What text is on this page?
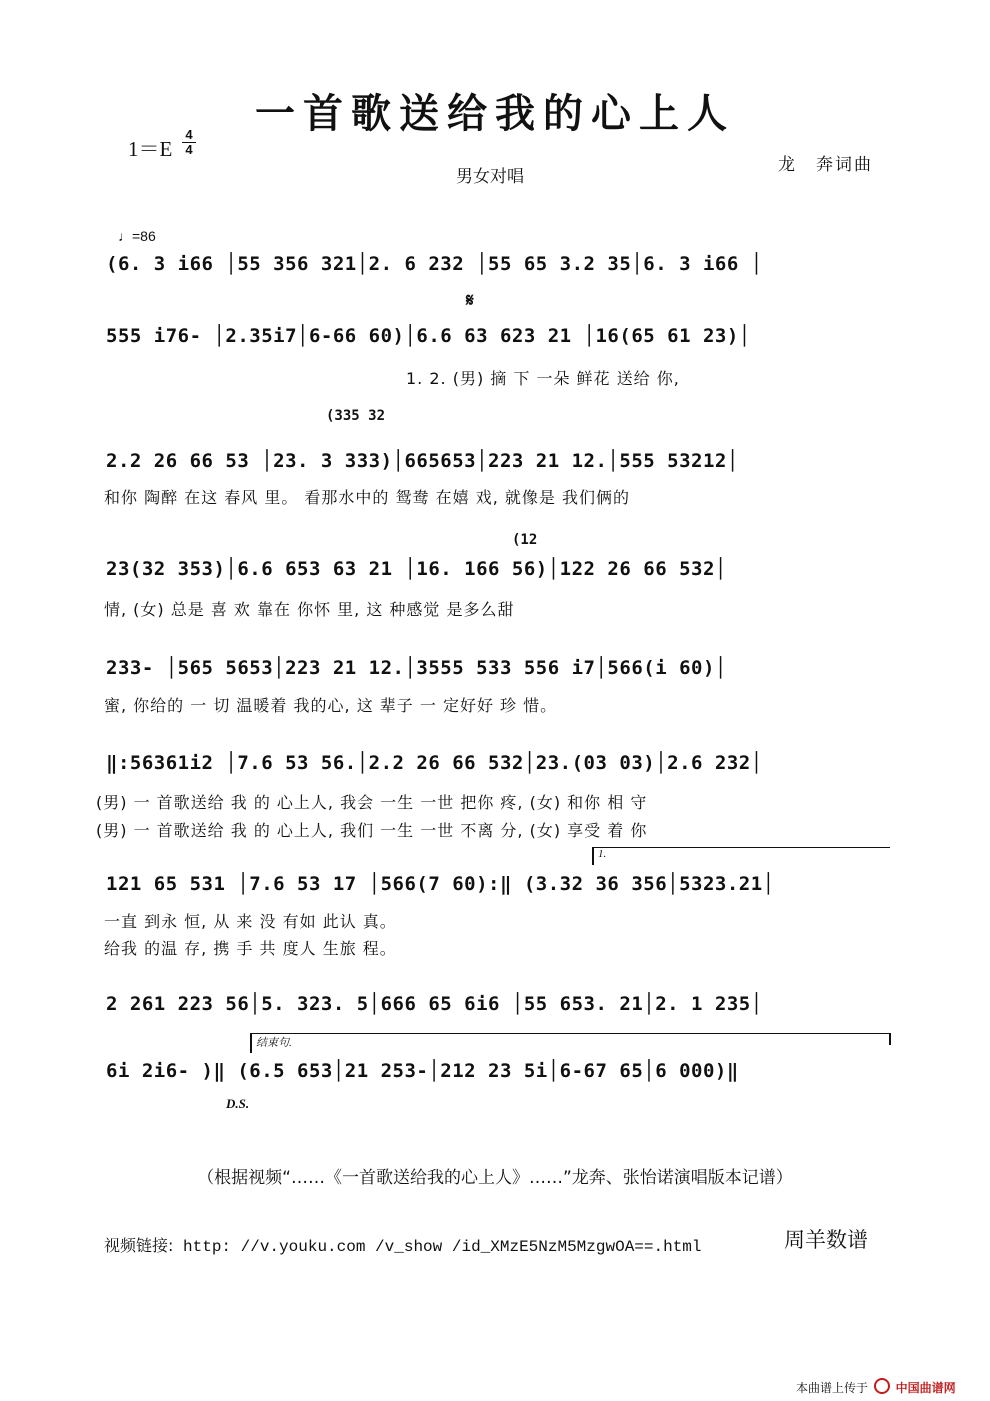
一首歌送给我的心上人
1＝E
4
4
男女对唱
龙　奔词曲
♩=86
𝄋
(335 32
(12
(6. 3 i66 │55 356 321│2. 6 232 │55 65 3.2 35│6. 3 i66 │
555 i76- │2.35i7│6-66 60)│6.6 63 623 21 │16(65 61 23)│
1. 2. (男) 摘 下 一朵 鲜花 送给 你,
2.2 26 66 53 │23. 3 333)│665653│223 21 12.│555 53212│
和你 陶醉 在这 春风 里。 看那水中的 鸳鸯 在嬉 戏, 就像是 我们俩的
23(32 353)│6.6 653 63 21 │16. 166 56)│122 26 66 532│
情, (女) 总是 喜 欢 靠在 你怀 里, 这 种感觉 是多么甜
233- │565 5653│223 21 12.│3555 533 556 i7│566(i 60)│
蜜, 你给的 一 切 温暖着 我的心, 这 辈子 一 定好好 珍 惜。
‖:56361i2 │7.6 53 56.│2.2 26 66 532│23.(03 03)│2.6 232│
(男) 一 首歌送给 我 的 心上人, 我会 一生 一世 把你 疼, (女) 和你 相 守
(男) 一 首歌送给 我 的 心上人, 我们 一生 一世 不离 分, (女) 享受 着 你
1.
121 65 531 │7.6 53 17 │566(7 60):‖ (3.32 36 356│5323.21│
一直 到永 恒, 从 来 没 有如 此认 真。
给我 的温 存, 携 手 共 度人 生旅 程。
2 261 223 56│5. 323. 5│666 65 6i6 │55 653. 21│2. 1 235│
结束句.
6i 2i6- )‖ (6.5 653│21 253-│212 23 5i│6-67 65│6 000)‖
D.S.
（根据视频“……《一首歌送给我的心上人》……”龙奔、张怡诺演唱版本记谱）
视频链接: http: //v.youku.com /v_show /id_XMzE5NzM5MzgwOA==.html	周羊数谱
本曲谱上传于 中国曲谱网
